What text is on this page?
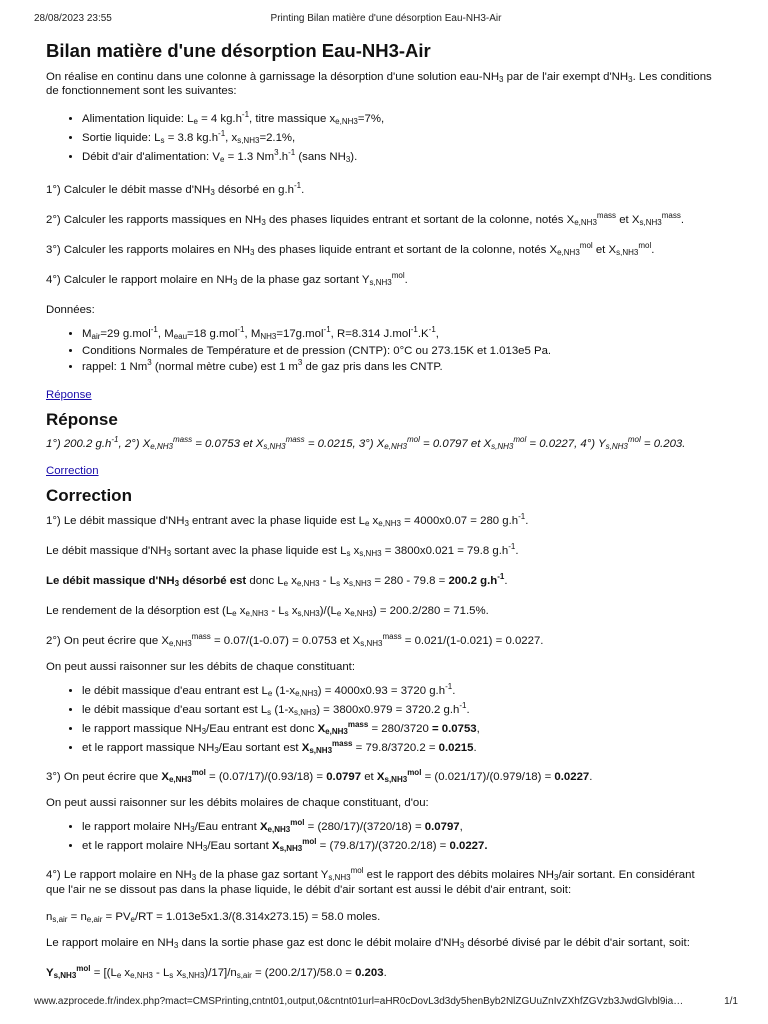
28/08/2023 23:55	Printing Bilan matière d'une désorption Eau-NH3-Air
Bilan matière d'une désorption Eau-NH3-Air

On réalise en continu dans une colonne à garnissage la désorption d'une solution eau-$NH_3$ par de l'air exempt $d'NH_3$. Les conditions de fonctionnement sont les suivantes:

• Alimentation liquide: $L_e = 4$ $kg.h^{-1}$, titre massique $x_{e,NH3}=7\%$,
• Sortie liquide: $L_s = 3.8$ $kg.h^{-1}$, $x_{s,NH3}=2.1\%$,
• Débit d'air d'alimentation: $V_e = 1.3$ $Nm^3.h^{-1}$ (sans $NH_3$).

1°) Calculer le débit masse $d'NH_3$ désorbé en $g.h^{-1}$.

2°) Calculer les rapports massiques en $NH_3$ des phases liquides entrant et sortant de la colonne, notés $X_{e,NH3}^{mass}$ et $X_{s,NH3}^{mass}$.

3°) Calculer les rapports molaires en $NH_3$ des phases liquide entrant et sortant de la colonne, notés $X_{e,NH3}^{mol}$ et $X_{s,NH3}^{mol}$.

4°) Calculer le rapport molaire en $NH_3$ de la phase gaz sortant $Y_{s,NH3}^{mol}$.

Données:

• $M_{air}=29$ g.mol$^{-1}$, $M_{eau}=18$ g.mol$^{-1}$, $M_{NH3}=17g.mol^{-1}$, R=8.314 $J.mol^{-1}.K^{-1}$,
• Conditions Normales de Température et de pression (CNTP): 0°C ou 273.15K et 1.013e5 Pa.
• rappel: 1 Nm$^3$ (normal mètre cube) est 1 $m^3$ de gaz pris dans les CNTP.

Réponse

Réponse

1°) 200.2 $g.h^{-1}$, 2°) $X_{e,NH3}^{mass} = 0.0753$ et $X_{s,NH3}^{mass} = 0.0215$, 3°) $X_{e,NH3}^{mol} = 0.0797$ et $X_{s,NH3}^{mol} = 0.0227$, 4°) $Y_{s,NH3}^{mol} = 0.203$.

Correction

Correction

1°) Le débit massique $d'NH_3$ entrant avec la phase liquide est $L_e$ $x_{e,NH3} = 4000x0.07 = 280$ $g.h^{-1}$.

Le débit massique $d'NH_3$ sortant avec la phase liquide est $L_s$ $x_{s,NH3} = 3800x0.021 = 79.8$ $g.h^{-1}$.

Le débit massique $d'NH_3$ désorbé est donc $L_e$ $x_{e,NH3} - L_s$ $x_{s,NH3} = 280 - 79.8 = 200.2$ $g.h^{-1}$.

Le rendement de la désorption est ($L_e$ $x_{e,NH3} - L_s$ $x_{s,NH3})/(L_e$ $x_{e,NH3}) = 200.2/280 = 71.5\%$.

2°) On peut écrire que $X_{e,NH3}^{mass} = 0.07/(1-0.07) = 0.0753$ et $X_{s,NH3}^{mass} = 0.021/(1-0.021) = 0.0227$.

On peut aussi raisonner sur les débits de chaque constituant:

• le débit massique d'eau entrant est $L_e$ $(1-x_{e,NH3}) = 4000x0.93 = 3720$ $g.h^{-1}$.
• le débit massique d'eau sortant est $L_s$ $(1-x_{s,NH3}) = 3800x0.979 = 3720.2$ $g.h^{-1}$.
• le rapport massique $NH_3$/Eau entrant est donc $X_{e,NH3}^{mass} = 280/3720 = 0.0753$,
• et le rapport massique $NH_3$/Eau sortant est $X_{s,NH3}^{mass} = 79.8/3720.2 = 0.0215$.

3°) On peut écrire que $X_{e,NH3}^{mol} = (0.07/17)/(0.93/18) = 0.0797$ et $X_{s,NH3}^{mol} = (0.021/17)/(0.979/18) = 0.0227$.

On peut aussi raisonner sur les débits molaires de chaque constituant, d'ou:

• le rapport molaire $NH_3$/Eau entrant $X_{e,NH3}^{mol} = (280/17)/(3720/18) = 0.0797$,
• et le rapport molaire $NH_3$/Eau sortant $X_{s,NH3}^{mol} = (79.8/17)/(3720.2/18) = 0.0227$.

4°) Le rapport molaire en $NH_3$ de la phase gaz sortant $Y_{s,NH3}^{mol}$ est le rapport des débits molaires $NH_3$/air sortant. En considérant que l'air ne se dissout pas dans la phase liquide, le débit d'air sortant est aussi le débit d'air entrant, soit:

$n_{s,air} = n_{e,air} = PV_e/RT = 1.013e5x1.3/(8.314x273.15) = 58.0$ moles.

Le rapport molaire en $NH_3$ dans la sortie phase gaz est donc le débit molaire $d'NH_3$ désorbé divisé par le débit d'air sortant, soit:

$Y_{s,NH3}^{mol} = [(L_e$ $x_{e,NH3} - L_s$ $x_{s,NH3})/17]/n_{s,air} = (200.2/17)/58.0 = 0.203$.

www.azprocede.fr/index.php?mact=CMSPrinting,cntnt01,output,0&cntnt01url=aHR0cDovL3d3dy5henByb2NlZGUuZnIvZXhfZGVzb3JwdGlvbl9ia…	1/1
